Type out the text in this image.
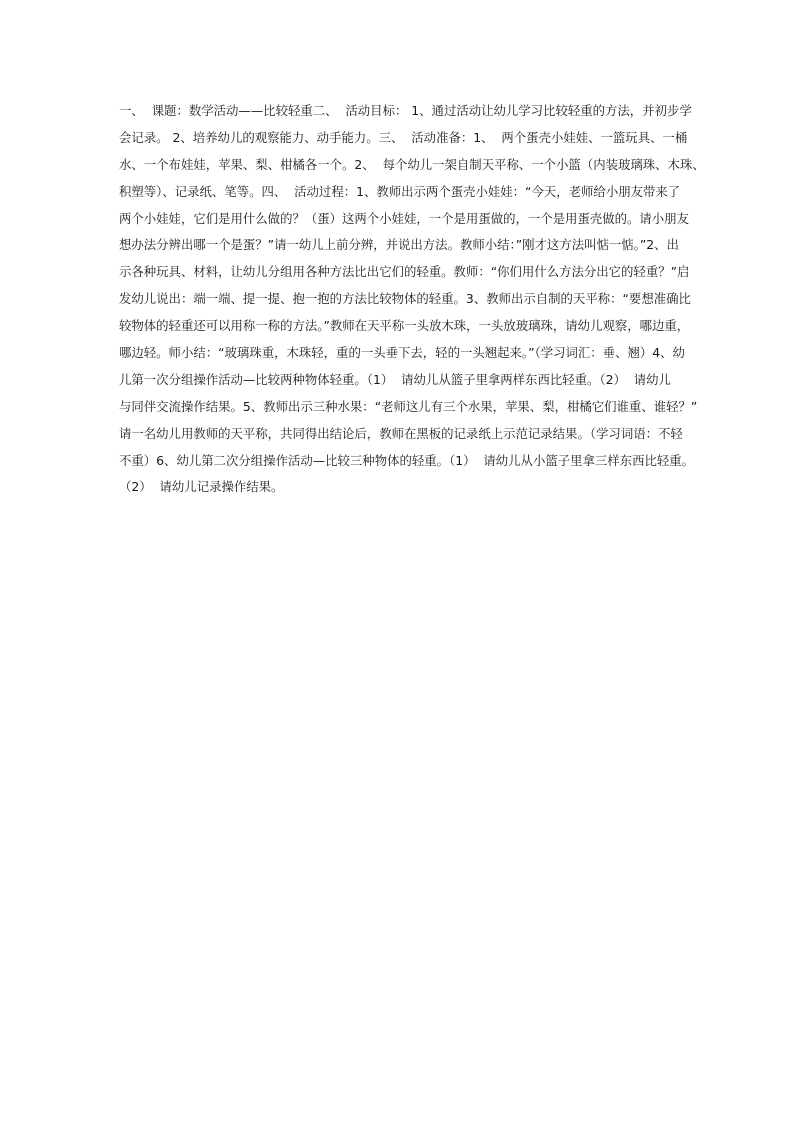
一、  课题：数学活动——比较轻重二、  活动目标： 1、通过活动让幼儿学习比较轻重的方法，并初步学
会记录。 2、培养幼儿的观察能力、动手能力。三、  活动准备：1、  两个蛋壳小娃娃、一篮玩具、一桶
水、一个布娃娃，苹果、梨、柑橘各一个。2、  每个幼儿一架自制天平称、一个小篮（内装玻璃珠、木珠、
积塑等）、记录纸、笔等。四、  活动过程：1、教师出示两个蛋壳小娃娃：“今天，老师给小朋友带来了
两个小娃娃，它们是用什么做的？（蛋）这两个小娃娃，一个是用蛋做的，一个是用蛋壳做的。请小朋友
想办法分辨出哪一个是蛋？”请一幼儿上前分辨，并说出方法。教师小结：”刚才这方法叫惦一惦。”2、出
示各种玩具、材料，让幼儿分组用各种方法比出它们的轻重。教师：“你们用什么方法分出它的轻重？”启
发幼儿说出：端一端、提一提、抱一抱的方法比较物体的轻重。3、教师出示自制的天平称：“要想准确比
较物体的轻重还可以用称一称的方法。”教师在天平称一头放木珠，一头放玻璃珠，请幼儿观察，哪边重，
哪边轻。师小结：“玻璃珠重，木珠轻，重的一头垂下去，轻的一头翘起来。”（学习词汇：垂、翘）4、幼
儿第一次分组操作活动—比较两种物体轻重。（1）  请幼儿从篮子里拿两样东西比轻重。（2）  请幼儿
与同伴交流操作结果。5、教师出示三种水果：“老师这儿有三个水果，苹果、梨，柑橘它们谁重、谁轻？”
请一名幼儿用教师的天平称，共同得出结论后，教师在黑板的记录纸上示范记录结果。（学习词语：不轻
不重）6、幼儿第二次分组操作活动—比较三种物体的轻重。（1）  请幼儿从小篮子里拿三样东西比轻重。
（2）  请幼儿记录操作结果。
